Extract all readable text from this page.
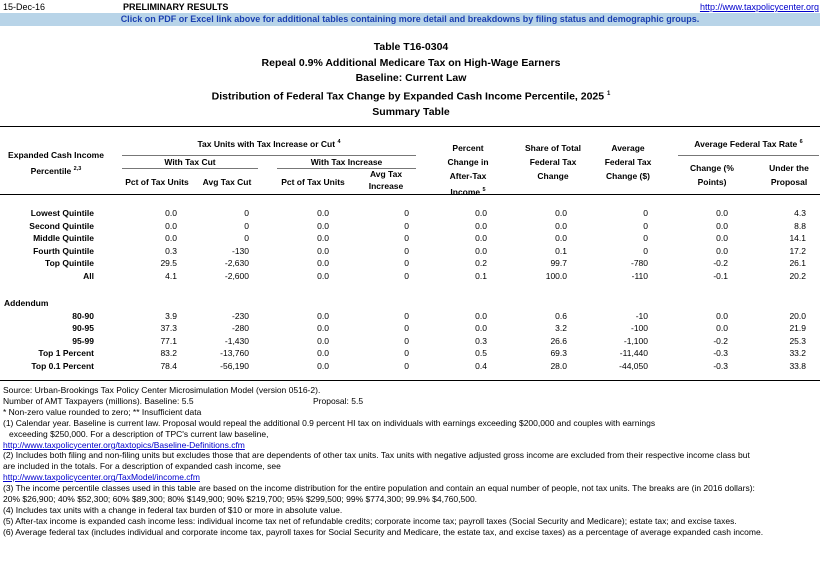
15-Dec-16	PRELIMINARY RESULTS	http://www.taxpolicycenter.org
Click on PDF or Excel link above for additional tables containing more detail and breakdowns by filing status and demographic groups.
Table T16-0304
Repeal 0.9% Additional Medicare Tax on High-Wage Earners
Baseline: Current Law
Distribution of Federal Tax Change by Expanded Cash Income Percentile, 2025 $^1$
Summary Table
Expanded Cash Income Percentile $^{2,3}$
Tax Units with Tax Increase or Cut $^4$
With Tax Cut	With Tax Increase
Pct of Tax Units	Avg Tax Cut	Pct of Tax Units
Avg Tax Increase
Percent Change in After-Tax Income $^5$
Share of Total Federal Tax Change
Average Federal Tax Change ($)
Average Federal Tax Rate $^6$
Change (% Points)
Under the Proposal
Lowest Quintile	0.0	0	0.0	0	0.0	0.0	0	0.0	4.3
Second Quintile	0.0	0	0.0	0	0.0	0.0	0	0.0	8.8
Middle Quintile	0.0	0	0.0	0	0.0	0.0	0	0.0	14.1
Fourth Quintile	0.3	-130	0.0	0	0.0	0.1	0	0.0	17.2
Top Quintile	29.5	-2,630	0.0	0	0.2	99.7	-780	-0.2	26.1
All	4.1	-2,600	0.0	0	0.1	100.0	-110	-0.1	20.2
Addendum
80-90	3.9	-230	0.0	0	0.0	0.6	-10	0.0	20.0
90-95	37.3	-280	0.0	0	0.0	3.2	-100	0.0	21.9
95-99	77.1	-1,430	0.0	0	0.3	26.6	-1,100	-0.2	25.3
Top 1 Percent	83.2	-13,760	0.0	0	0.5	69.3	-11,440	-0.3	33.2
Top 0.1 Percent	78.4	-56,190	0.0	0	0.4	28.0	-44,050	-0.3	33.8
Source: Urban-Brookings Tax Policy Center Microsimulation Model (version 0516-2).
Number of AMT Taxpayers (millions). Baseline: 5.5	Proposal: 5.5
* Non-zero value rounded to zero; ** Insufficient data
(1) Calendar year. Baseline is current law. Proposal would repeal the additional 0.9 percent HI tax on individuals with earnings exceeding $200,000 and couples with earnings
exceeding $250,000. For a description of TPC's current law baseline,
http://www.taxpolicycenter.org/taxtopics/Baseline-Definitions.cfm
(2) Includes both filing and non-filing units but excludes those that are dependents of other tax units. Tax units with negative adjusted gross income are excluded from their respective income class but
are included in the totals. For a description of expanded cash income, see
http://www.taxpolicycenter.org/TaxModel/income.cfm
(3) The income percentile classes used in this table are based on the income distribution for the entire population and contain an equal number of people, not tax units. The breaks are (in 2016 dollars):
20% $26,900; 40% $52,300; 60% $89,300; 80% $149,900; 90% $219,700; 95% $299,500; 99% $774,300; 99.9% $4,760,500.
(4) Includes tax units with a change in federal tax burden of $10 or more in absolute value.
(5) After-tax income is expanded cash income less: individual income tax net of refundable credits; corporate income tax; payroll taxes (Social Security and Medicare); estate tax; and excise taxes.
(6) Average federal tax (includes individual and corporate income tax, payroll taxes for Social Security and Medicare, the estate tax, and excise taxes) as a percentage of average expanded cash income.
